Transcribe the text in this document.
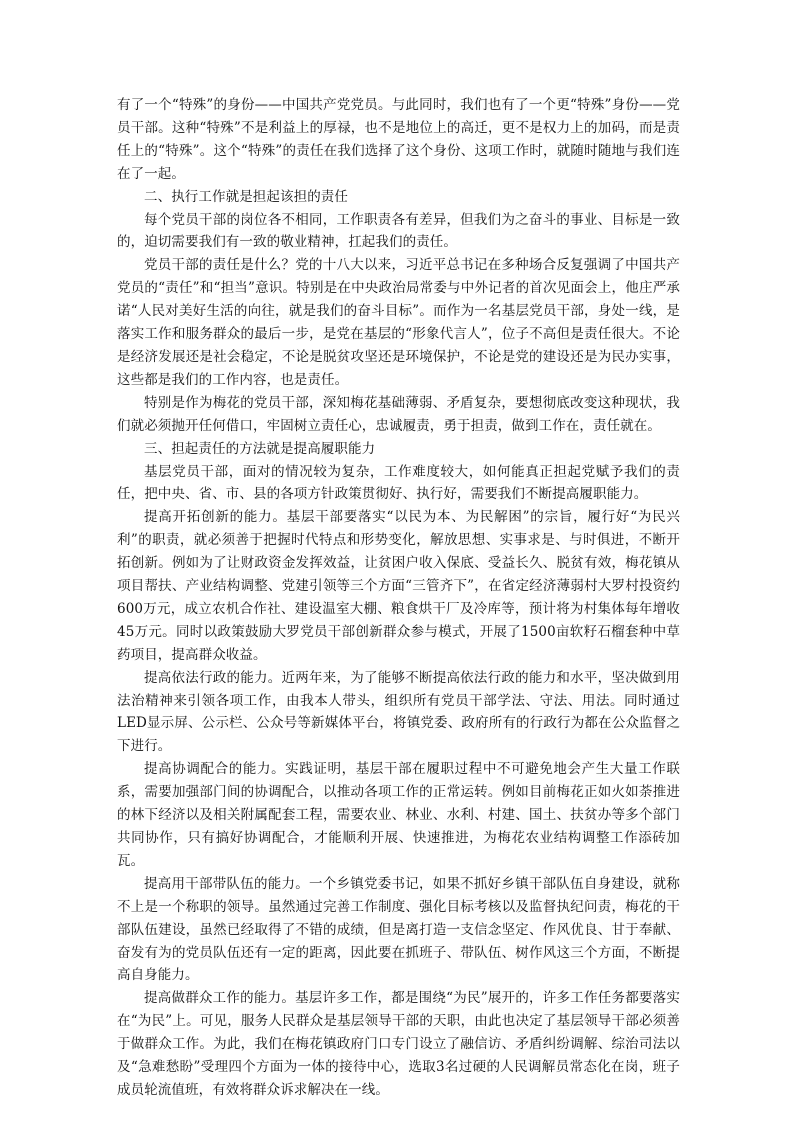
有了一个“特殊”的身份——中国共产党党员。与此同时，我们也有了一个更“特殊”身份——党员干部。这种“特殊”不是利益上的厚禄，也不是地位上的高迁，更不是权力上的加码，而是责任上的“特殊”。这个“特殊”的责任在我们选择了这个身份、这项工作时，就随时随地与我们连在了一起。

二、执行工作就是担起该担的责任

每个党员干部的岗位各不相同，工作职责各有差异，但我们为之奋斗的事业、目标是一致的，迫切需要我们有一致的敬业精神，扛起我们的责任。

党员干部的责任是什么？党的十八大以来，习近平总书记在多种场合反复强调了中国共产党员的“责任”和“担当”意识。特别是在中央政治局常委与中外记者的首次见面会上，他庄严承诺“人民对美好生活的向往，就是我们的奋斗目标”。而作为一名基层党员干部，身处一线，是落实工作和服务群众的最后一步，是党在基层的“形象代言人”，位子不高但是责任很大。不论是经济发展还是社会稳定，不论是脱贫攻坚还是环境保护，不论是党的建设还是为民办实事，这些都是我们的工作内容，也是责任。

特别是作为梅花的党员干部，深知梅花基础薄弱、矛盾复杂，要想彻底改变这种现状，我们就必须抛开任何借口，牢固树立责任心，忠诚履责，勇于担责，做到工作在，责任就在。

三、担起责任的方法就是提高履职能力

基层党员干部，面对的情况较为复杂，工作难度较大，如何能真正担起党赋予我们的责任，把中央、省、市、县的各项方针政策贯彻好、执行好，需要我们不断提高履职能力。

提高开拓创新的能力。基层干部要落实“以民为本、为民解困”的宗旨，履行好“为民兴利”的职责，就必须善于把握时代特点和形势变化，解放思想、实事求是、与时俱进，不断开拓创新。例如为了让财政资金发挥效益，让贫困户收入保底、受益长久、脱贫有效，梅花镇从项目帮扶、产业结构调整、党建引领等三个方面“三管齐下”，在省定经济薄弱村大罗村投资约600万元，成立农机合作社、建设温室大棚、粮食烘干厂及冷库等，预计将为村集体每年增收45万元。同时以政策鼓励大罗党员干部创新群众参与模式，开展了1500亩软籽石榴套种中草药项目，提高群众收益。

提高依法行政的能力。近两年来，为了能够不断提高依法行政的能力和水平，坚决做到用法治精神来引领各项工作，由我本人带头，组织所有党员干部学法、守法、用法。同时通过LED显示屏、公示栏、公众号等新媒体平台，将镇党委、政府所有的行政行为都在公众监督之下进行。

提高协调配合的能力。实践证明，基层干部在履职过程中不可避免地会产生大量工作联系，需要加强部门间的协调配合，以推动各项工作的正常运转。例如目前梅花正如火如荼推进的林下经济以及相关附属配套工程，需要农业、林业、水利、村建、国土、扶贫办等多个部门共同协作，只有搞好协调配合，才能顺利开展、快速推进，为梅花农业结构调整工作添砖加瓦。

提高用干部带队伍的能力。一个乡镇党委书记，如果不抓好乡镇干部队伍自身建设，就称不上是一个称职的领导。虽然通过完善工作制度、强化目标考核以及监督执纪问责，梅花的干部队伍建设，虽然已经取得了不错的成绩，但是离打造一支信念坚定、作风优良、甘于奉献、奋发有为的党员队伍还有一定的距离，因此要在抓班子、带队伍、树作风这三个方面，不断提高自身能力。

提高做群众工作的能力。基层许多工作，都是围绕“为民”展开的，许多工作任务都要落实在“为民”上。可见，服务人民群众是基层领导干部的天职，由此也决定了基层领导干部必须善于做群众工作。为此，我们在梅花镇政府门口专门设立了融信访、矛盾纠纷调解、综治司法以及“急难愁盼”受理四个方面为一体的接待中心，选取3名过硬的人民调解员常态化在岗，班子成员轮流值班，有效将群众诉求解决在一线。
